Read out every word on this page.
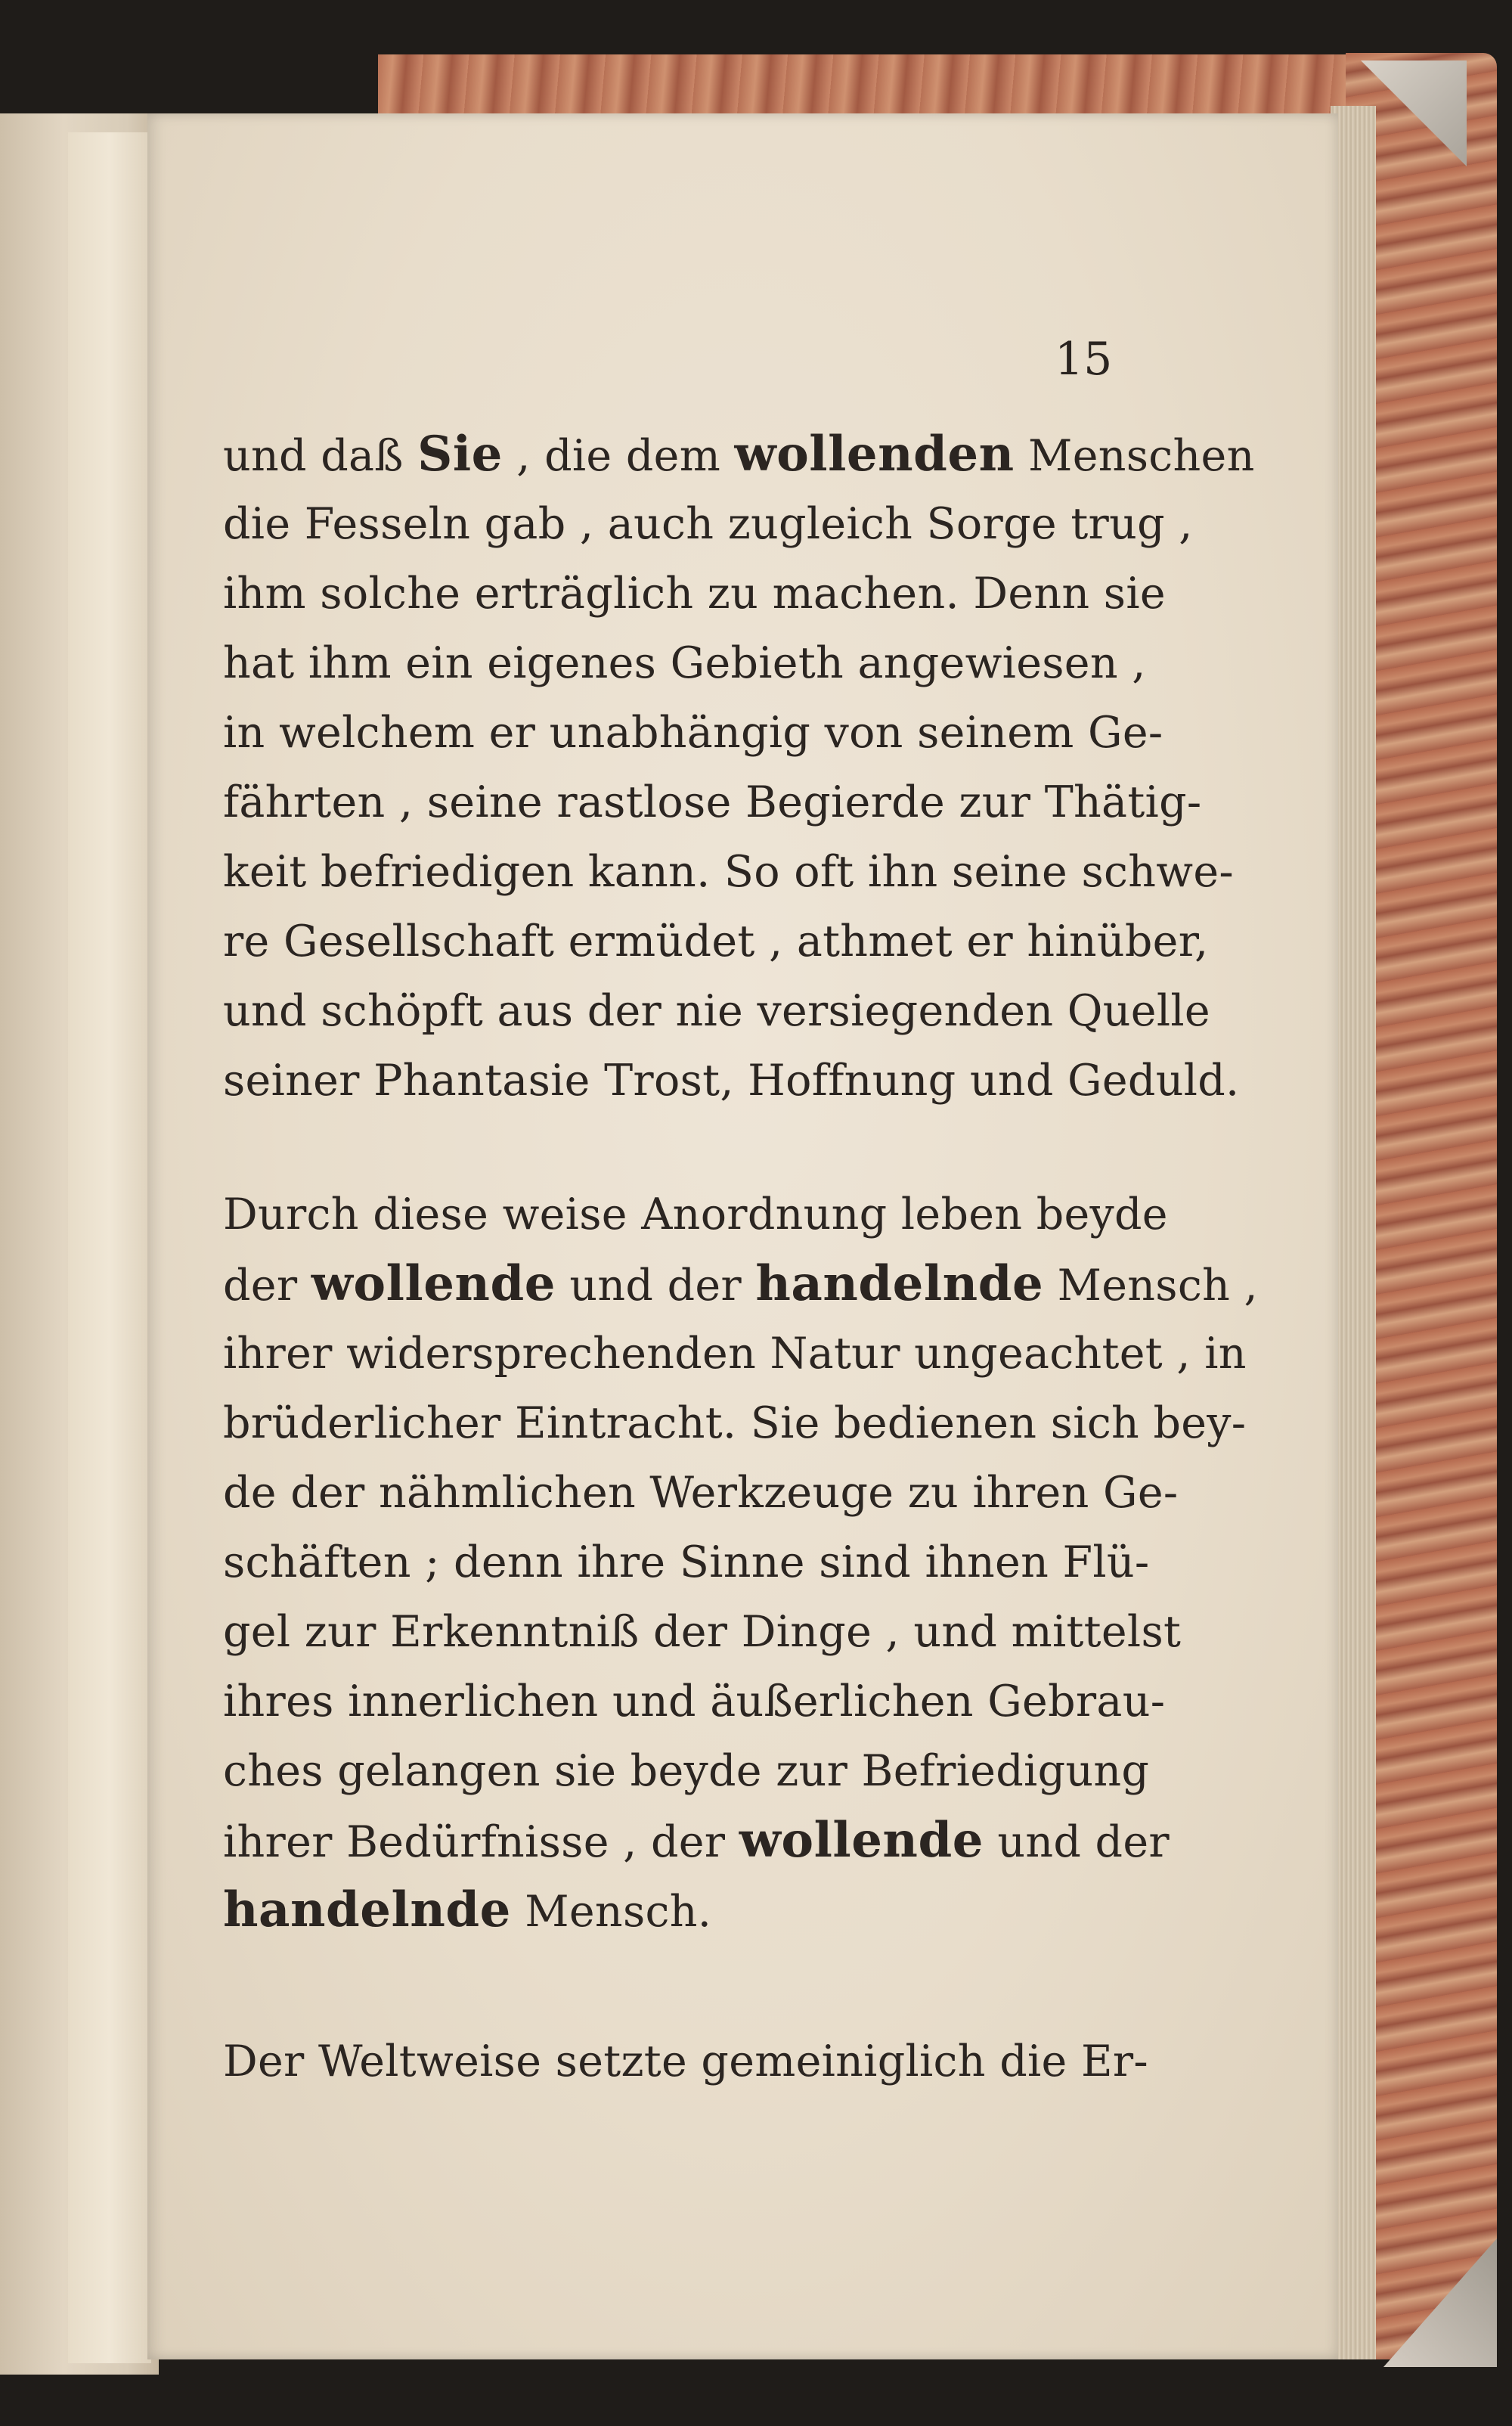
15
und daß Sie , die dem wollenden Menschen
die Fesseln gab , auch zugleich Sorge trug ,
ihm solche erträglich zu machen. Denn sie
hat ihm ein eigenes Gebieth angewiesen ,
in welchem er unabhängig von seinem Ge-
fährten , seine rastlose Begierde zur Thätig-
keit befriedigen kann. So oft ihn seine schwe-
re Gesellschaft ermüdet , athmet er hinüber,
und schöpft aus der nie versiegenden Quelle
seiner Phantasie Trost, Hoffnung und Geduld.
Durch diese weise Anordnung leben beyde
der wollende und der handelnde Mensch ,
ihrer widersprechenden Natur ungeachtet , in
brüderlicher Eintracht. Sie bedienen sich bey-
de der nähmlichen Werkzeuge zu ihren Ge-
schäften ; denn ihre Sinne sind ihnen Flü-
gel zur Erkenntniß der Dinge , und mittelst
ihres innerlichen und äußerlichen Gebrau-
ches gelangen sie beyde zur Befriedigung
ihrer Bedürfnisse , der wollende und der
handelnde Mensch.
Der Weltweise setzte gemeiniglich die Er-
